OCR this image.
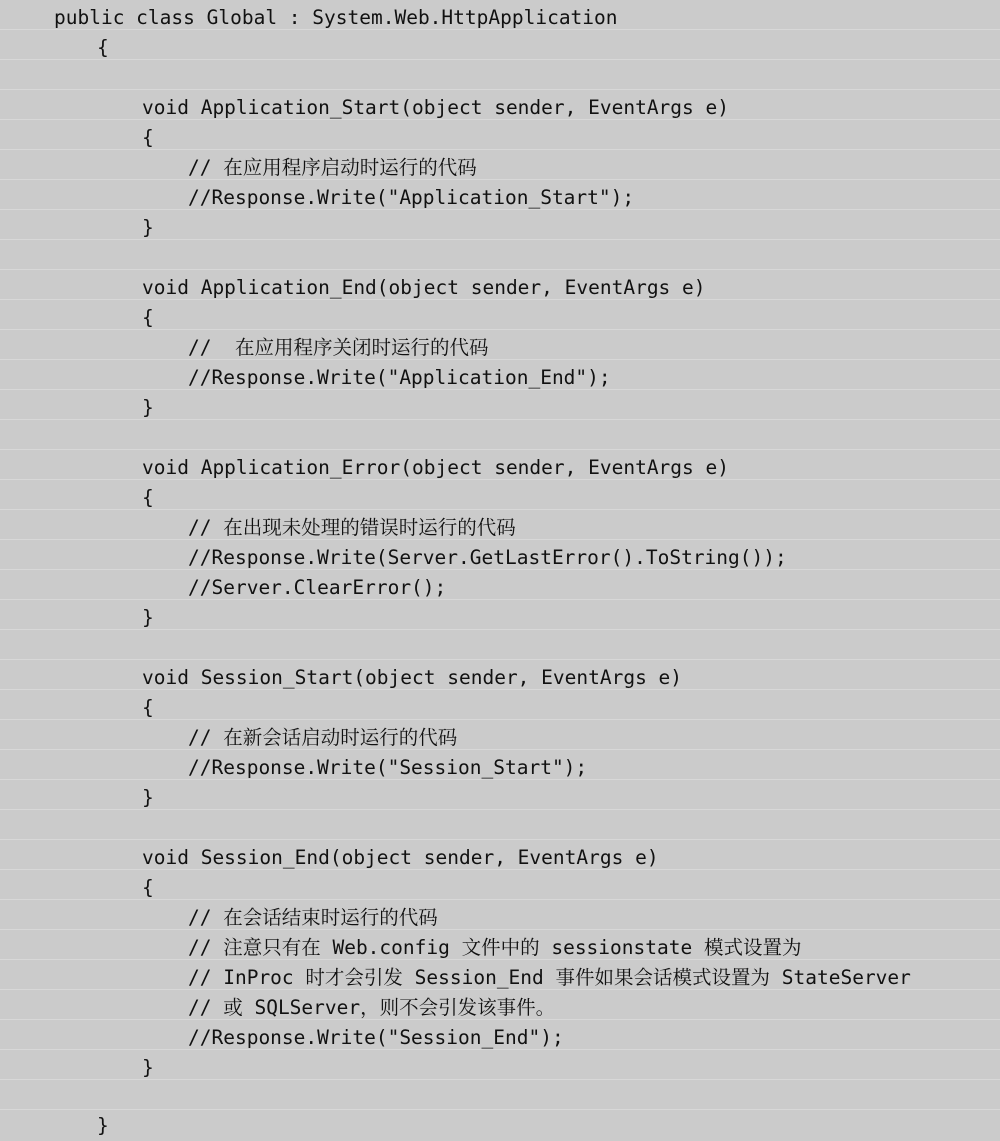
public class Global : System.Web.HttpApplication
{
void Application_Start(object sender, EventArgs e)
{
// 在应用程序启动时运行的代码
//Response.Write("Application_Start");
}
void Application_End(object sender, EventArgs e)
{
//  在应用程序关闭时运行的代码
//Response.Write("Application_End");
}
void Application_Error(object sender, EventArgs e)
{
// 在出现未处理的错误时运行的代码
//Response.Write(Server.GetLastError().ToString());
//Server.ClearError();
}
void Session_Start(object sender, EventArgs e)
{
// 在新会话启动时运行的代码
//Response.Write("Session_Start");
}
void Session_End(object sender, EventArgs e)
{
// 在会话结束时运行的代码
// 注意只有在 Web.config 文件中的 sessionstate 模式设置为
// InProc 时才会引发 Session_End 事件如果会话模式设置为 StateServer
// 或 SQLServer，则不会引发该事件。
//Response.Write("Session_End");
}
}
